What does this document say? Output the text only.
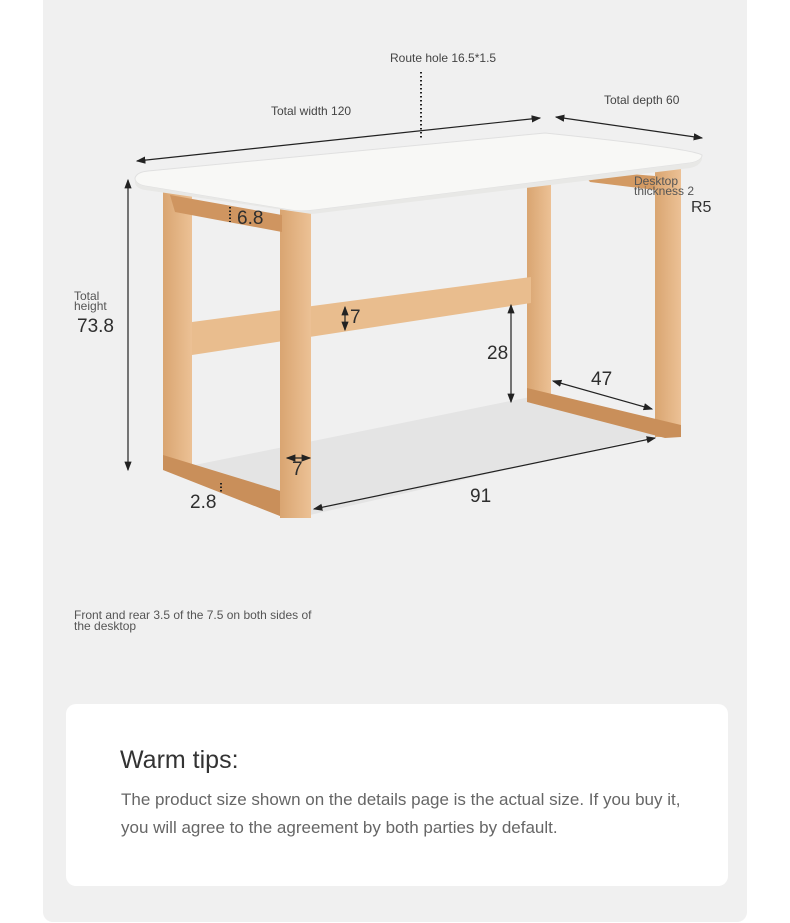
Route hole 16.5*1.5
Total width 120
Total depth 60
Desktop thickness 2
R5
Total height
73.8
6.8
7
28
47
7
2.8	91
Front and rear 3.5 of the 7.5 on both sides of the desktop
Warm tips:
The product size shown on the details page is the actual size. If you buy it, you will agree to the agreement by both parties by default.
